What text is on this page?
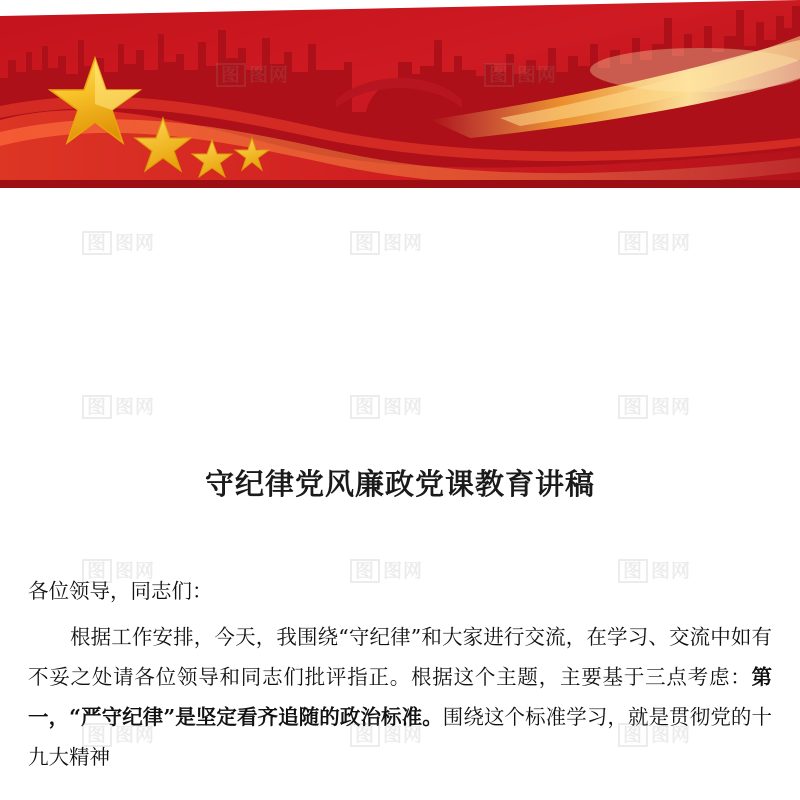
守纪律党风廉政党课教育讲稿

各位领导，同志们：

根据工作安排，今天，我围绕“守纪律”和大家进行交流，在学习、交流中如有不妥之处请各位领导和同志们批评指正。根据这个主题，主要基于三点考虑：第一，“严守纪律”是坚定看齐追随的政治标准。围绕这个标准学习，就是贯彻党的十九大精神

图 图网	图 图网	图 图网
图 图网	图 图网	图 图网
图 图网	图 图网	图 图网
图 图网	图 图网	图 图网
